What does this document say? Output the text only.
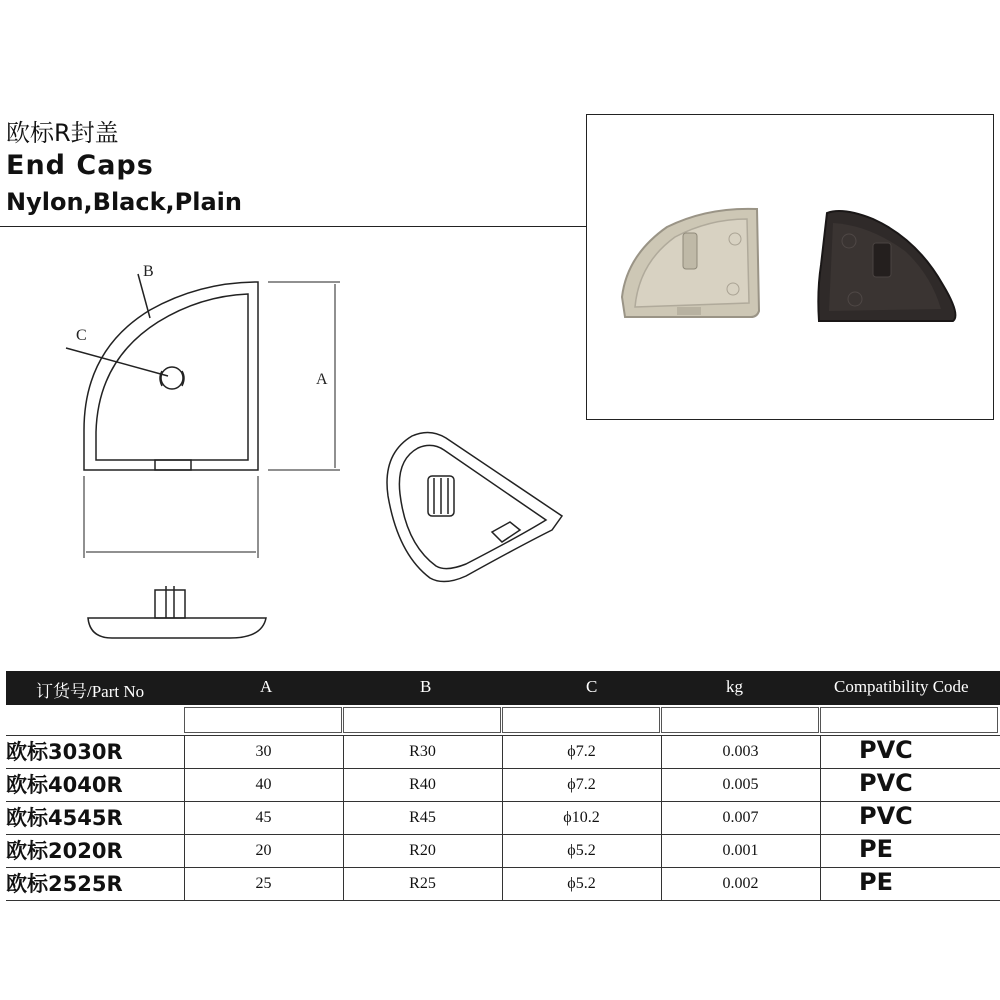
欧标R封盖
End Caps
Nylon,Black,Plain
B
C
A
订货号/Part No	A	B	C	kg	Compatibility Code
欧标3030R	30	R30	ϕ7.2	0.003	PVC
欧标4040R	40	R40	ϕ7.2	0.005	PVC
欧标4545R	45	R45	ϕ10.2	0.007	PVC
欧标2020R	20	R20	ϕ5.2	0.001	PE
欧标2525R	25	R25	ϕ5.2	0.002	PE
